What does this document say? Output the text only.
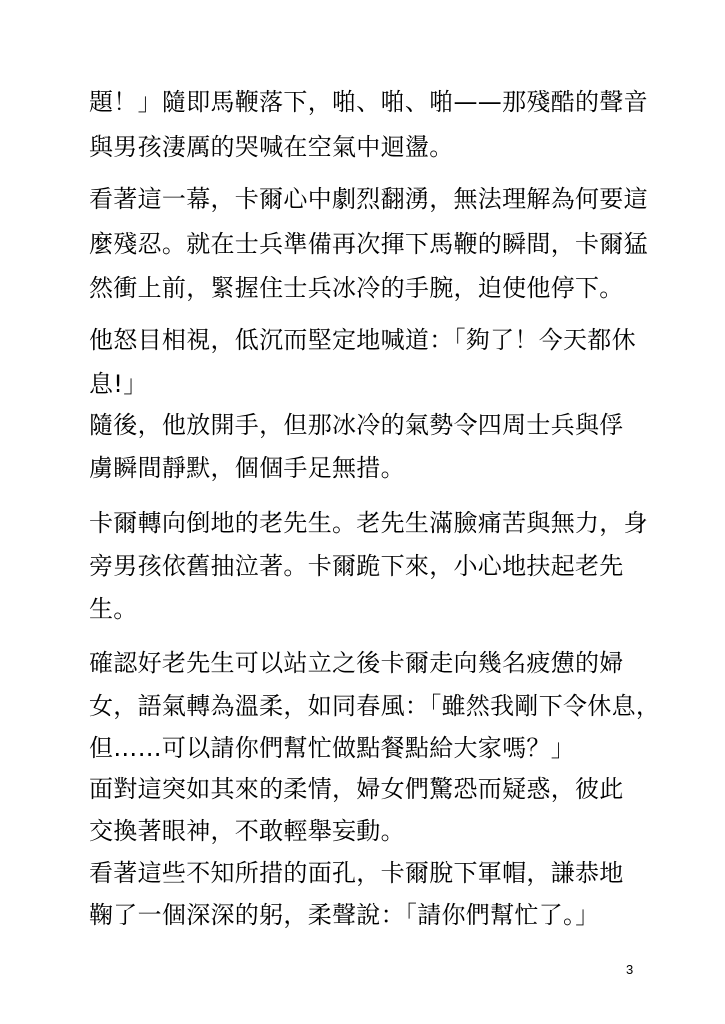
題！」隨即馬鞭落下，啪、啪、啪——那殘酷的聲音
與男孩淒厲的哭喊在空氣中迴盪。
看著這一幕，卡爾心中劇烈翻湧，無法理解為何要這
麼殘忍。就在士兵準備再次揮下馬鞭的瞬間，卡爾猛
然衝上前，緊握住士兵冰冷的手腕，迫使他停下。
他怒目相視，低沉而堅定地喊道：「夠了！今天都休
息!」
隨後，他放開手，但那冰冷的氣勢令四周士兵與俘
虜瞬間靜默，個個手足無措。
卡爾轉向倒地的老先生。老先生滿臉痛苦與無力，身
旁男孩依舊抽泣著。卡爾跪下來，小心地扶起老先
生。
確認好老先生可以站立之後卡爾走向幾名疲憊的婦
女，語氣轉為溫柔，如同春風：「雖然我剛下令休息，
但……可以請你們幫忙做點餐點給大家嗎？」
面對這突如其來的柔情，婦女們驚恐而疑惑，彼此
交換著眼神，不敢輕舉妄動。
看著這些不知所措的面孔，卡爾脫下軍帽，謙恭地
鞠了一個深深的躬，柔聲說：「請你們幫忙了。」
3
